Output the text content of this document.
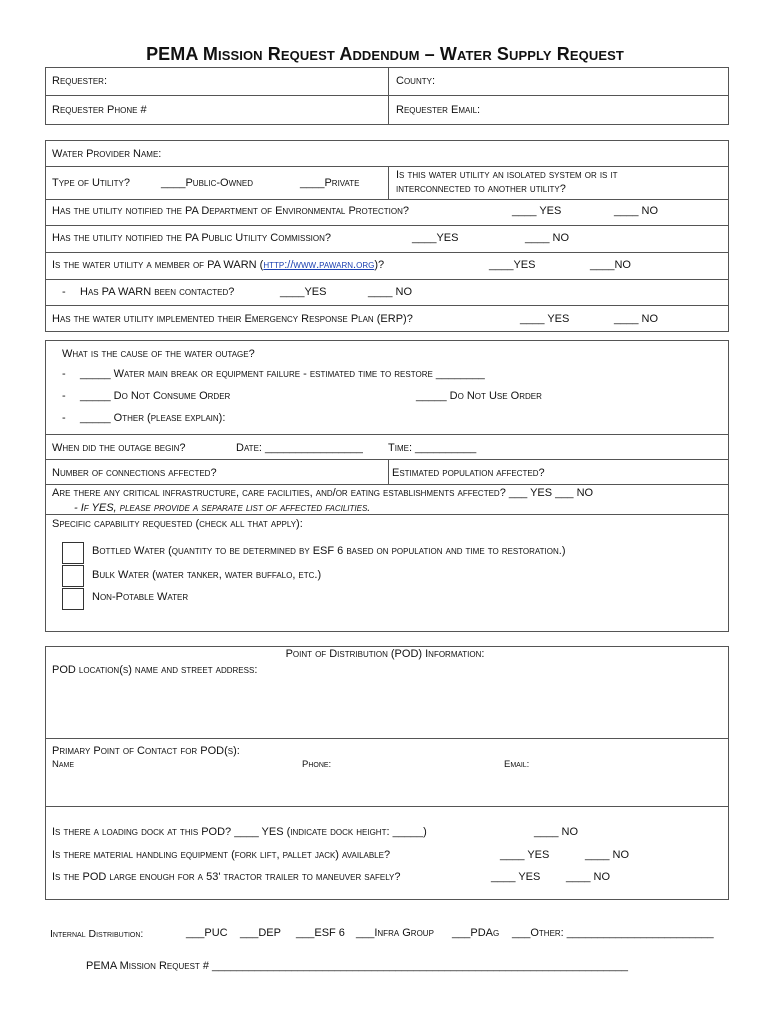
PEMA Mission Request Addendum – Water Supply Request
Requester:	County:
Requester Phone #	Requester Email:
Water Provider Name:
Type of Utility?	____Public-Owned	____Private
Is this water utility an isolated system or is it
interconnected to another utility?
Has the utility notified the PA Department of Environmental Protection?	____ YES	____ NO
Has the utility notified the PA Public Utility Commission?	____YES	____ NO
Is the water utility a member of PA WARN (http://www.pawarn.org)?	____YES	____NO
- Has PA WARN been contacted?	____YES	____ NO
Has the water utility implemented their Emergency Response Plan (ERP)?	____ YES	____ NO
What is the cause of the water outage?
- _____ Water main break or equipment failure - estimated time to restore ________
- _____ Do Not Consume Order	_____ Do Not Use Order
- _____ Other (please explain):
When did the outage begin?	Date: ________________ Time: __________
Number of connections affected?	Estimated population affected?
Are there any critical infrastructure, care facilities, and/or eating establishments affected? ___ YES ___ NO
- If YES, please provide a separate list of affected facilities.
Specific capability requested (check all that apply):
Bottled Water (quantity to be determined by ESF 6 based on population and time to restoration.)
Bulk Water (water tanker, water buffalo, etc.)
Non-Potable Water
Point of Distribution (POD) Information:
POD location(s) name and street address:
Primary Point of Contact for POD(s):
Name	Phone:	Email:
Is there a loading dock at this POD? ____ YES (indicate dock height: _____)	____ NO
Is there material handling equipment (fork lift, pallet jack) available?	____ YES	____ NO
Is the POD large enough for a 53' tractor trailer to maneuver safely?	____ YES ____ NO
Internal Distribution:	___PUC ___DEP ___ESF 6 ___Infra Group ___PDAg ___Other: ________________________
PEMA Mission Request # ____________________________________________________________________
